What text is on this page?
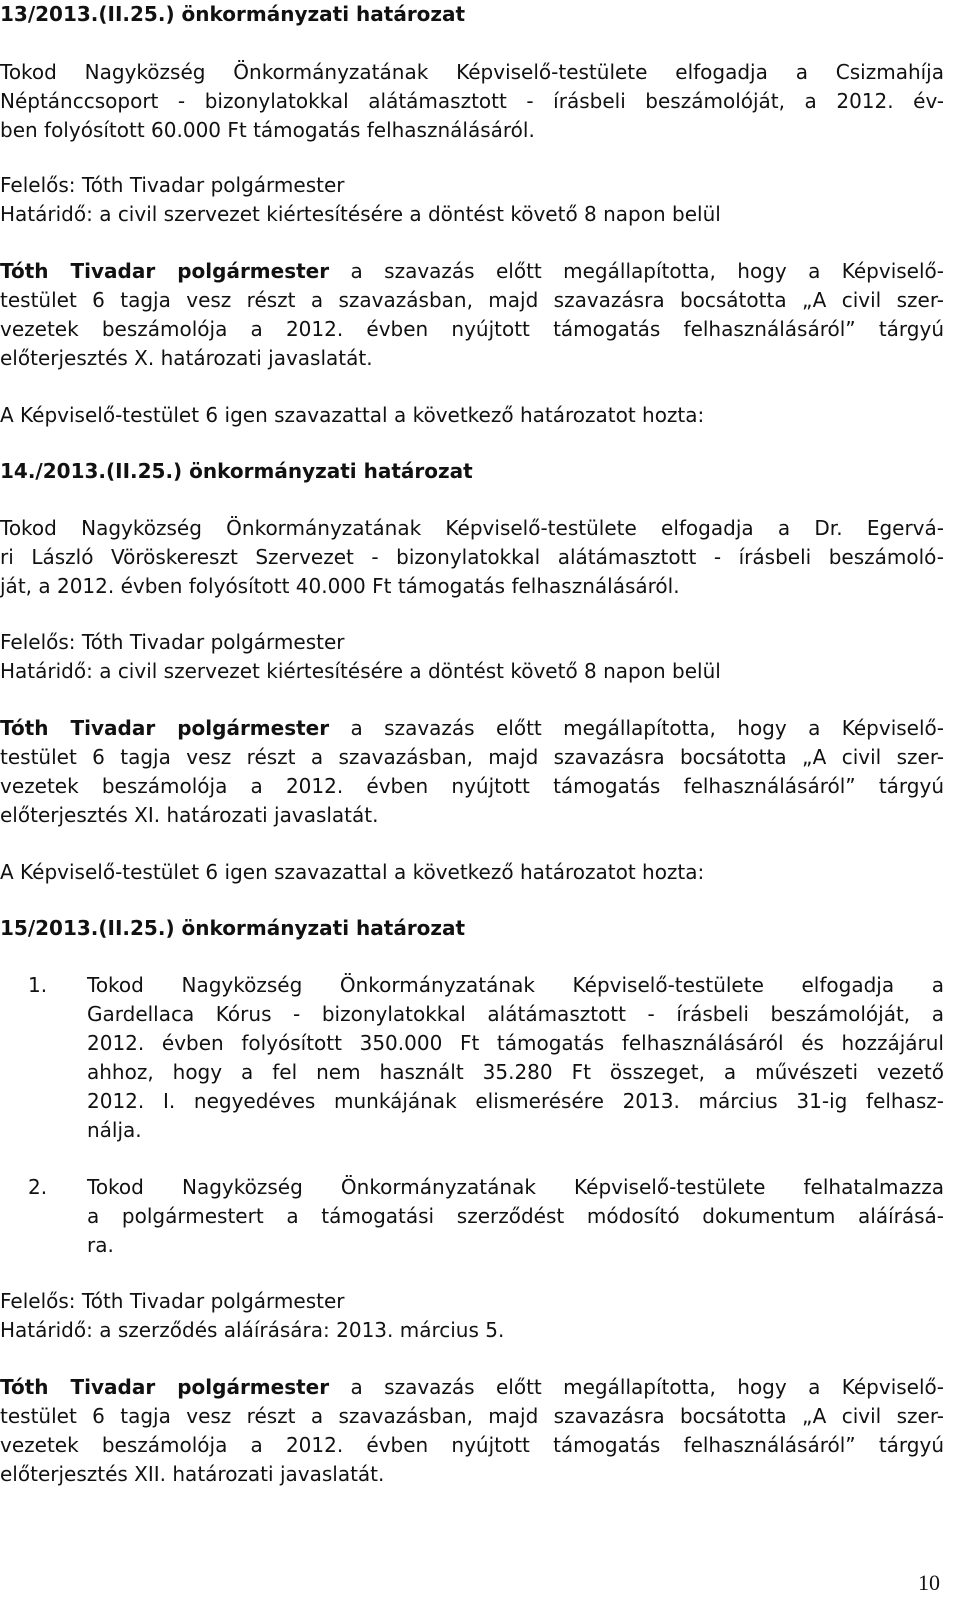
13/2013.(II.25.) önkormányzati határozat
Tokod Nagyközség Önkormányzatának Képviselő-testülete elfogadja a Csizmahíja
Néptánccsoport - bizonylatokkal alátámasztott - írásbeli beszámolóját, a 2012. év-
ben folyósított 60.000 Ft támogatás felhasználásáról.
Felelős: Tóth Tivadar polgármester
Határidő: a civil szervezet kiértesítésére a döntést követő 8 napon belül
Tóth Tivadar polgármester a szavazás előtt megállapította, hogy a Képviselő-
testület 6 tagja vesz részt a szavazásban, majd szavazásra bocsátotta „A civil szer-
vezetek beszámolója a 2012. évben nyújtott támogatás felhasználásáról” tárgyú
előterjesztés X. határozati javaslatát.
A Képviselő-testület 6 igen szavazattal a következő határozatot hozta:
14./2013.(II.25.) önkormányzati határozat
Tokod Nagyközség Önkormányzatának Képviselő-testülete elfogadja a Dr. Egervá-
ri László Vöröskereszt Szervezet - bizonylatokkal alátámasztott - írásbeli beszámoló-
ját, a 2012. évben folyósított 40.000 Ft támogatás felhasználásáról.
Felelős: Tóth Tivadar polgármester
Határidő: a civil szervezet kiértesítésére a döntést követő 8 napon belül
Tóth Tivadar polgármester a szavazás előtt megállapította, hogy a Képviselő-
testület 6 tagja vesz részt a szavazásban, majd szavazásra bocsátotta „A civil szer-
vezetek beszámolója a 2012. évben nyújtott támogatás felhasználásáról” tárgyú
előterjesztés XI. határozati javaslatát.
A Képviselő-testület 6 igen szavazattal a következő határozatot hozta:
15/2013.(II.25.) önkormányzati határozat
1.	Tokod Nagyközség Önkormányzatának Képviselő-testülete elfogadja a
Gardellaca Kórus - bizonylatokkal alátámasztott - írásbeli beszámolóját, a
2012. évben folyósított 350.000 Ft támogatás felhasználásáról és hozzájárul
ahhoz, hogy a fel nem használt 35.280 Ft összeget, a művészeti vezető
2012. I. negyedéves munkájának elismerésére 2013. március 31-ig felhasz-
nálja.
2.	Tokod Nagyközség Önkormányzatának Képviselő-testülete felhatalmazza
a polgármestert a támogatási szerződést módosító dokumentum aláírásá-
ra.
Felelős: Tóth Tivadar polgármester
Határidő: a szerződés aláírására: 2013. március 5.
Tóth Tivadar polgármester a szavazás előtt megállapította, hogy a Képviselő-
testület 6 tagja vesz részt a szavazásban, majd szavazásra bocsátotta „A civil szer-
vezetek beszámolója a 2012. évben nyújtott támogatás felhasználásáról” tárgyú
előterjesztés XII. határozati javaslatát.
10
